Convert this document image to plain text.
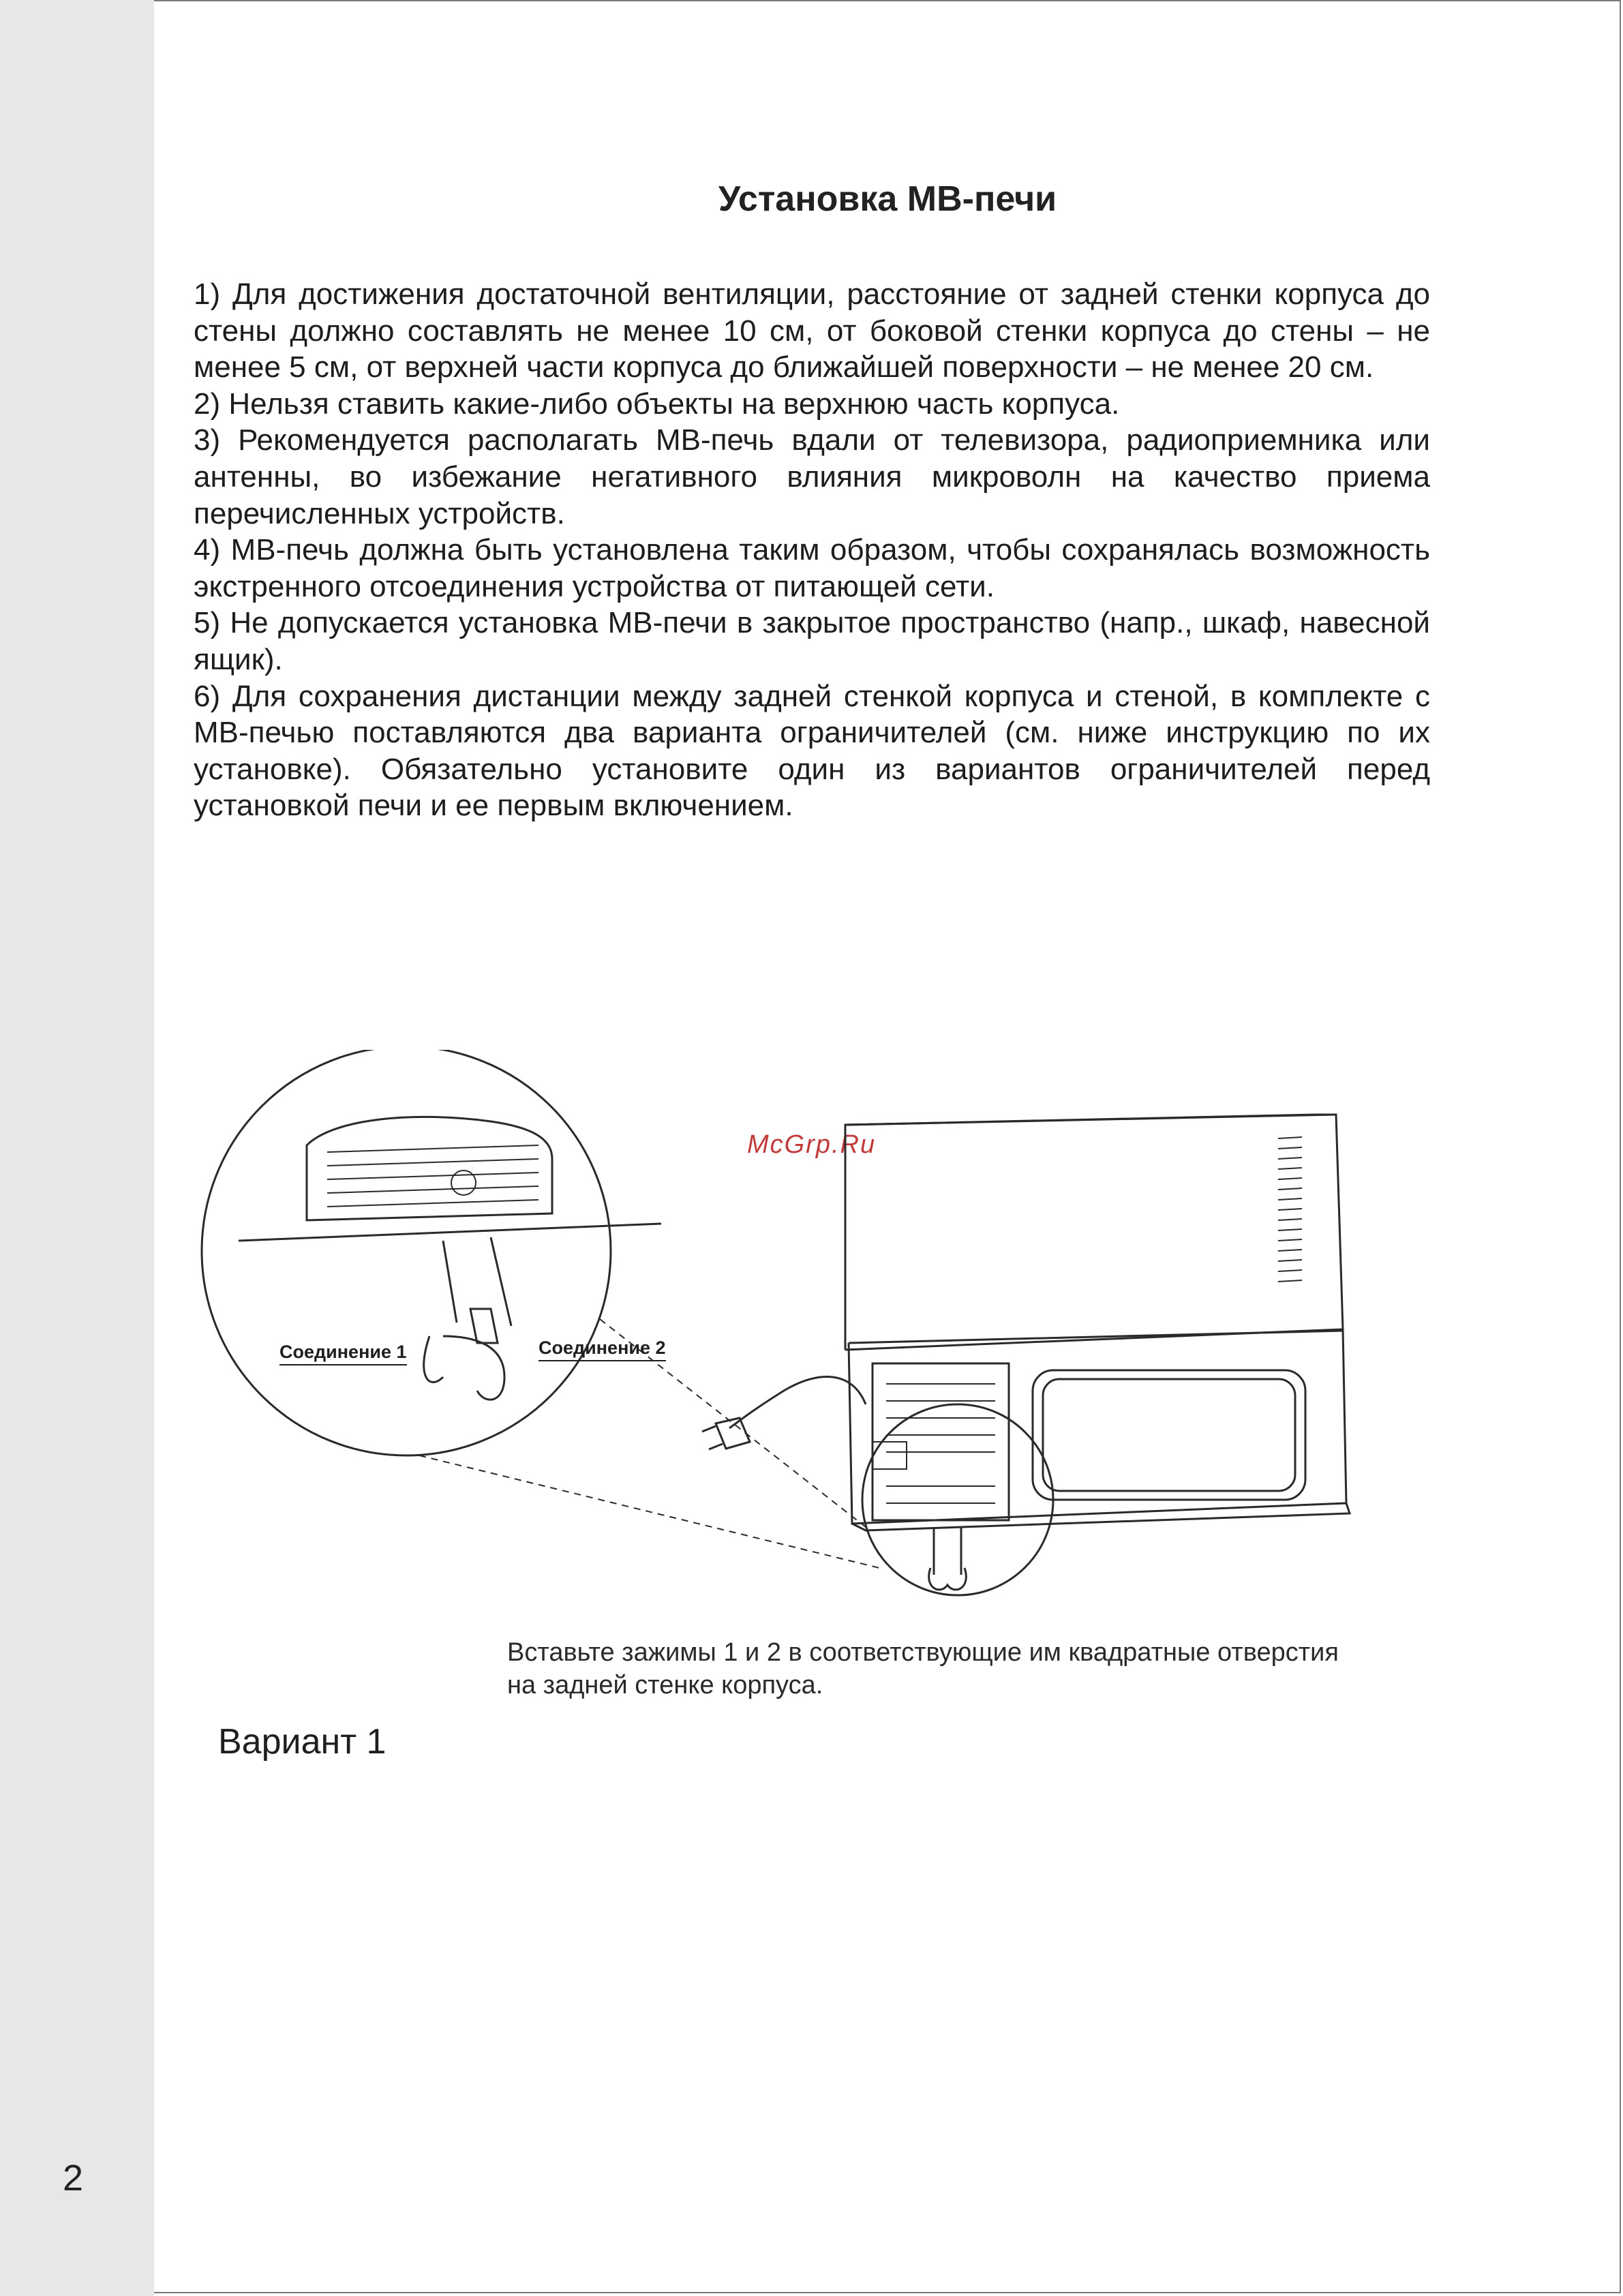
2
Установка МВ-печи

1) Для достижения достаточной вентиляции, расстояние от задней стенки корпуса до стены должно составлять не менее 10 см, от боковой стенки корпуса до стены – не менее 5 см, от верхней части корпуса до ближайшей поверхности – не менее 20 см.

2) Нельзя ставить какие-либо объекты на верхнюю часть корпуса.

3) Рекомендуется располагать МВ-печь вдали от телевизора, радиоприемника или антенны, во избежание негативного влияния микроволн на качество приема перечисленных устройств.

4) МВ-печь должна быть установлена таким образом, чтобы сохранялась возможность экстренного отсоединения устройства от питающей сети.

5) Не допускается установка МВ-печи в закрытое пространство (напр., шкаф, навесной ящик).

6) Для сохранения дистанции между задней стенкой корпуса и стеной, в комплекте с МВ-печью поставляются два варианта ограничителей (см. ниже инструкцию по их установке). Обязательно установите один из вариантов ограничителей перед установкой печи и ее первым включением.

McGrp.Ru
Соединение 1	Соединение 2
Вставьте зажимы 1 и 2 в соответствующие им квадратные отверстия
на задней стенке корпуса.
Вариант 1
